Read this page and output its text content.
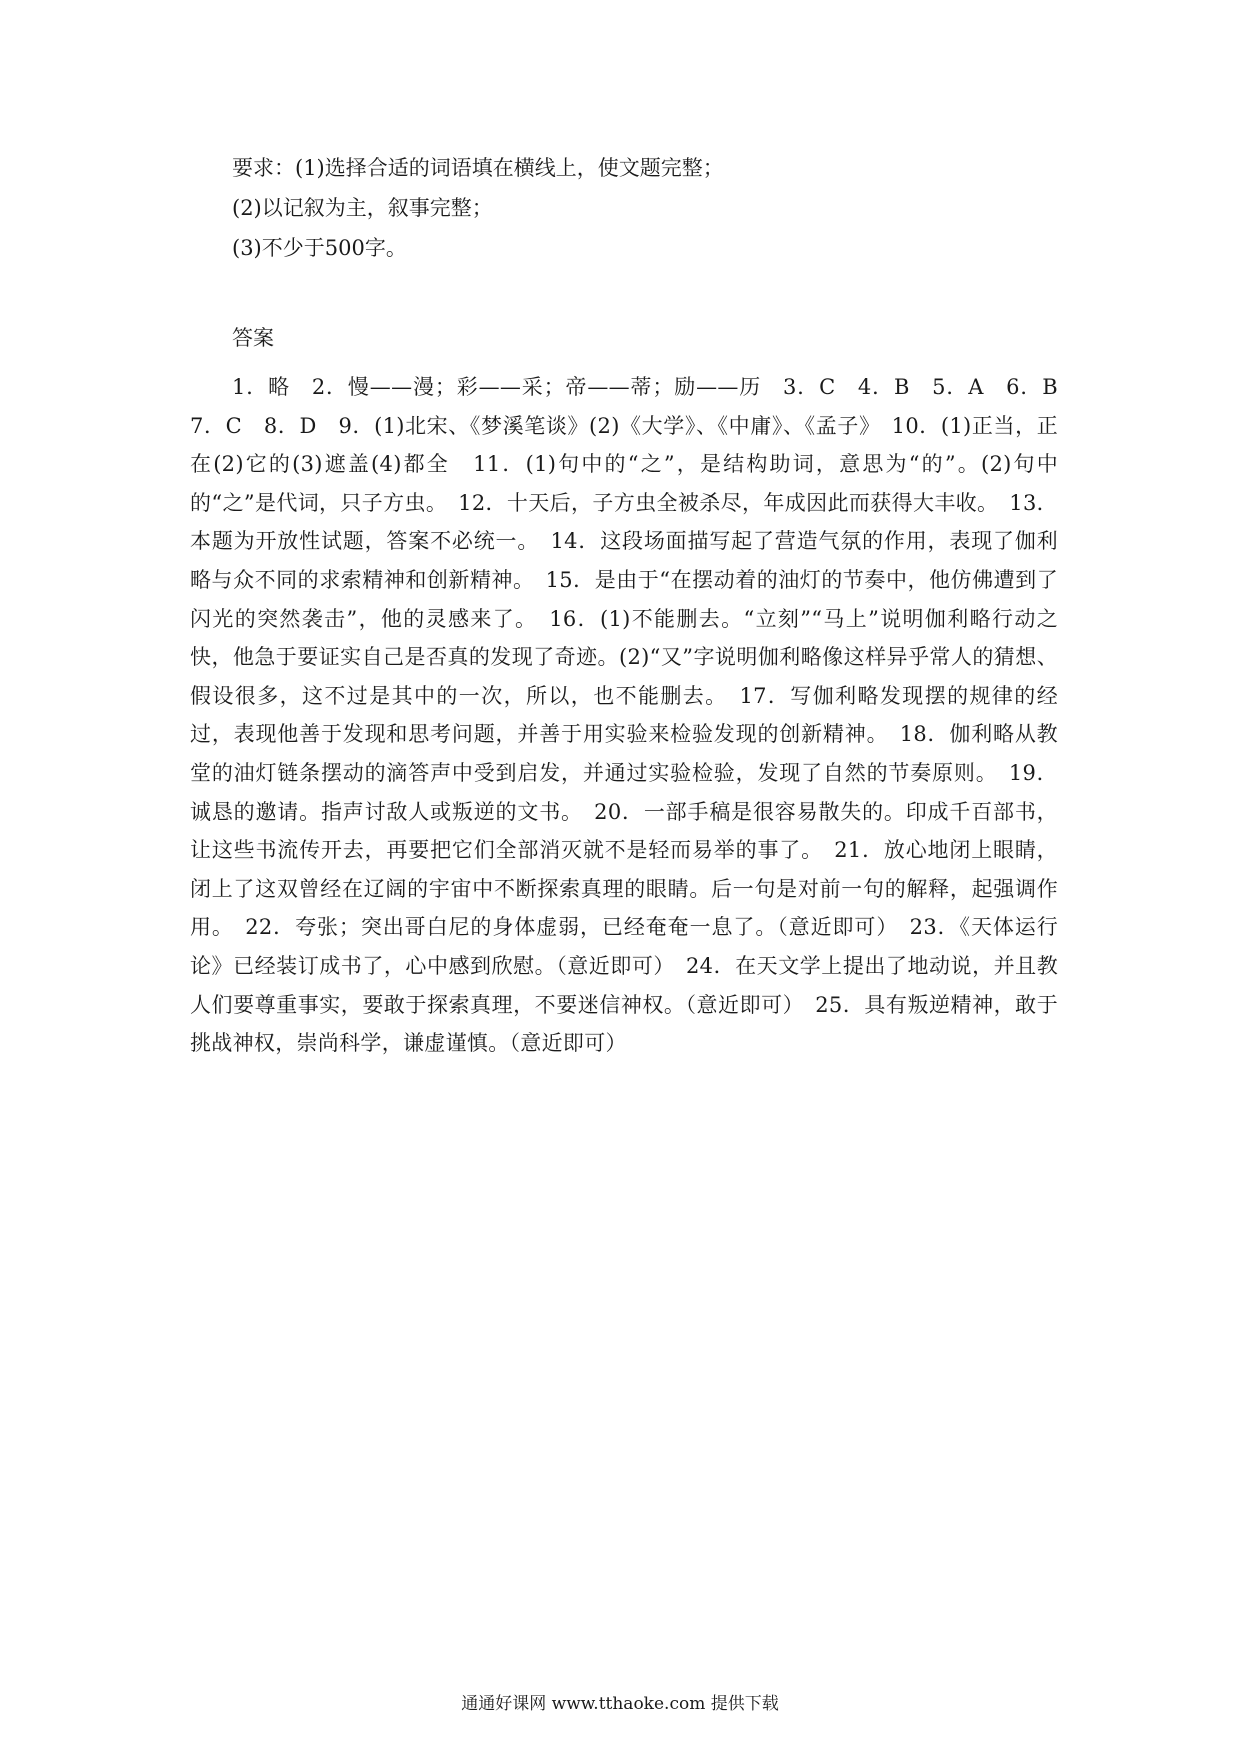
要求：(1)选择合适的词语填在横线上，使文题完整；

(2)以记叙为主，叙事完整；

(3)不少于500字。

答案

1．略　2．慢——漫；彩——采；帝——蒂；励——历　3．C　4．B　5．A　6．B　7．C　8．D　9．(1)北宋、《梦溪笔谈》(2)《大学》、《中庸》、《孟子》　10．(1)正当，正在(2)它的(3)遮盖(4)都全　11．(1)句中的“之”，是结构助词，意思为“的”。(2)句中的“之”是代词，只子方虫。　12．十天后，子方虫全被杀尽，年成因此而获得大丰收。　13．本题为开放性试题，答案不必统一。　14．这段场面描写起了营造气氛的作用，表现了伽利略与众不同的求索精神和创新精神。　15．是由于“在摆动着的油灯的节奏中，他仿佛遭到了闪光的突然袭击”，他的灵感来了。　16．(1)不能删去。“立刻”“马上”说明伽利略行动之快，他急于要证实自己是否真的发现了奇迹。(2)“又”字说明伽利略像这样异乎常人的猜想、假设很多，这不过是其中的一次，所以，也不能删去。　17．写伽利略发现摆的规律的经过，表现他善于发现和思考问题，并善于用实验来检验发现的创新精神。　18．伽利略从教堂的油灯链条摆动的滴答声中受到启发，并通过实验检验，发现了自然的节奏原则。　19．诚恳的邀请。指声讨敌人或叛逆的文书。　20．一部手稿是很容易散失的。印成千百部书，让这些书流传开去，再要把它们全部消灭就不是轻而易举的事了。　21．放心地闭上眼睛，闭上了这双曾经在辽阔的宇宙中不断探索真理的眼睛。后一句是对前一句的解释，起强调作用。　22．夸张；突出哥白尼的身体虚弱，已经奄奄一息了。（意近即可）　23．《天体运行论》已经装订成书了，心中感到欣慰。（意近即可）　24．在天文学上提出了地动说，并且教人们要尊重事实，要敢于探索真理，不要迷信神权。（意近即可）　25．具有叛逆精神，敢于挑战神权，崇尚科学，谦虚谨慎。（意近即可）

通通好课网 www.tthaoke.com 提供下载
